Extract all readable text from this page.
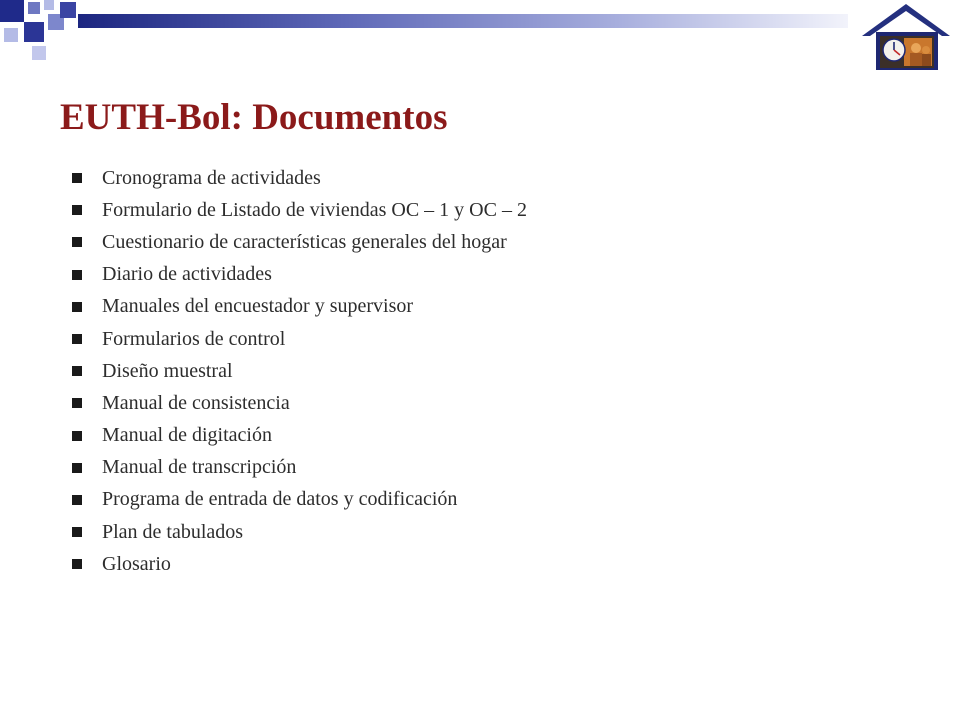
EUTH-Bol: Documentos
Cronograma de actividades
Formulario de Listado de viviendas OC – 1 y OC – 2
Cuestionario de características generales del hogar
Diario de actividades
Manuales del encuestador y supervisor
Formularios de control
Diseño muestral
Manual de consistencia
Manual de digitación
Manual de transcripción
Programa de entrada de datos y codificación
Plan de tabulados
Glosario
